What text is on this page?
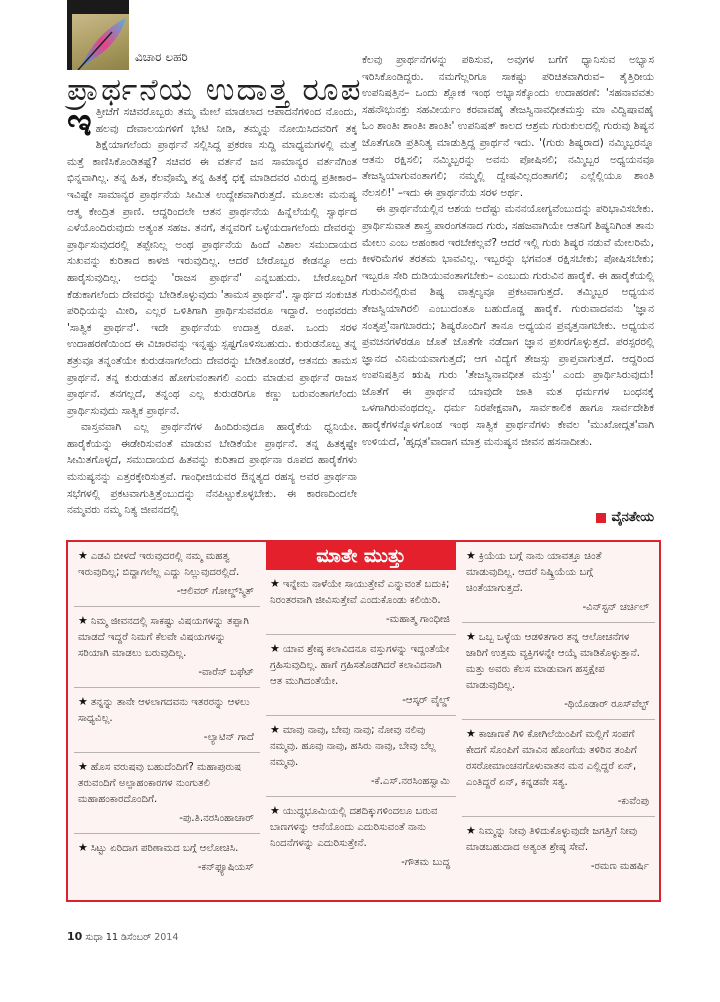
ವಿಚಾರ ಲಹರಿ
ಪ್ರಾರ್ಥನೆಯ ಉದಾತ್ತ ರೂಪ

ಇತ್ತೀಚೆಗೆ ಸಚಿವರೊಬ್ಬರು ತಮ್ಮ ಮೇಲೆ ಮಾಡಲಾದ ಆಪಾದನೆಗಳಿಂದ ನೊಂದು, ಹಲವು ದೇವಾಲಯಗಳಿಗೆ ಭೇಟಿ ನೀಡಿ, ತಮ್ಮನ್ನು ನೋಯಿಸಿದವರಿಗೆ ತಕ್ಕ ಶಿಕ್ಷೆಯಾಗಲೆಂದು ಪ್ರಾರ್ಥನೆ ಸಲ್ಲಿಸಿದ್ದ ಪ್ರಕರಣ ಸುದ್ದಿ ಮಾಧ್ಯಮಗಳಲ್ಲಿ ಮತ್ತೆ ಮತ್ತೆ ಕಾಣಿಸಿಕೊಂಡಿತಷ್ಟೆ? ಸಚಿವರ ಈ ವರ್ತನೆ ಜನ ಸಾಮಾನ್ಯರ ವರ್ತನೆಗಿಂತ ಭಿನ್ನವಾಗಿಲ್ಲ. ತನ್ನ ಹಿತ, ಕೆಲವೊಮ್ಮೆ ತನ್ನ ಹಿತಕ್ಕೆ ಧಕ್ಕೆ ಮಾಡಿದವರ ವಿರುದ್ಧ ಪ್ರತೀಕಾರ– ಇವಿಷ್ಟೇ ಸಾಮಾನ್ಯರ ಪ್ರಾರ್ಥನೆಯ ಸೀಮಿತ ಉದ್ದೇಶವಾಗಿರುತ್ತದೆ. ಮೂಲತಃ ಮನುಷ್ಯ ಆತ್ಮ ಕೇಂದ್ರಿತ ಪ್ರಾಣಿ. ಆದ್ದರಿಂದಲೇ ಆತನ ಪ್ರಾರ್ಥನೆಯ ಹಿನ್ನೆಲೆಯಲ್ಲಿ ಸ್ವಾರ್ಥದ ಎಳೆಯೊಂದಿರುವುದು ಅತ್ಯಂತ ಸಹಜ. ತನಗೆ, ತನ್ನವರಿಗೆ ಒಳ್ಳೆಯದಾಗಲೆಂದು ದೇವರನ್ನು ಪ್ರಾರ್ಥಿಸುವುದರಲ್ಲಿ ತಪ್ಪೇನಿಲ್ಲ ಅಂಥ ಪ್ರಾರ್ಥನೆಯ ಹಿಂದೆ ವಿಶಾಲ ಸಮುದಾಯದ ಸುಖವನ್ನು ಕುರಿತಾದ ಕಾಳಜಿ ಇರುವುದಿಲ್ಲ. ಆದರೆ ಬೇರೊಬ್ಬರ ಕೇಡನ್ನೂ ಅದು ಹಾರೈಸುವುದಿಲ್ಲ. ಅದನ್ನು 'ರಾಜಸ ಪ್ರಾರ್ಥನೆ' ಎನ್ನಬಹುದು. ಬೇರೊಬ್ಬರಿಗೆ ಕೆಡುಕಾಗಲೆಂದು ದೇವರನ್ನು ಬೇಡಿಕೊಳ್ಳುವುದು 'ತಾಮಸ ಪ್ರಾರ್ಥನೆ'. ಸ್ವಾರ್ಥದ ಸಂಕುಚಿತ ಪರಿಧಿಯನ್ನು ಮೀರಿ, ಎಲ್ಲರ ಒಳಿತಿಗಾಗಿ ಪ್ರಾರ್ಥಿಸುವವರೂ ಇದ್ದಾರೆ. ಅಂಥವರದು 'ಸಾತ್ವಿಕ ಪ್ರಾರ್ಥನೆ'. ಇದೇ ಪ್ರಾರ್ಥನೆಯ ಉದಾತ್ತ ರೂಪ. ಒಂದು ಸರಳ ಉದಾಹರಣೆಯಿಂದ ಈ ವಿಚಾರವನ್ನು ಇನ್ನಷ್ಟು ಸ್ಪಷ್ಟಗೊಳಿಸಬಹುದು. ಕುರುಡನೊಬ್ಬ ತನ್ನ ಶತ್ರುವೂ ತನ್ನಂತೆಯೇ ಕುರುಡನಾಗಲೆಂದು ದೇವರನ್ನು ಬೇಡಿಕೊಂಡರೆ, ಆತನದು ತಾಮಸ ಪ್ರಾರ್ಥನೆ. ತನ್ನ ಕುರುಡುತನ ಹೋಗುವಂತಾಗಲಿ ಎಂದು ಮಾಡುವ ಪ್ರಾರ್ಥನೆ ರಾಜಸ ಪ್ರಾರ್ಥನೆ. ತನಗಲ್ಲದೆ, ತನ್ನಂಥ ಎಲ್ಲ ಕುರುಡರಿಗೂ ಕಣ್ಣು ಬರುವಂತಾಗಲೆಂದು ಪ್ರಾರ್ಥಿಸುವುದು ಸಾತ್ವಿಕ ಪ್ರಾರ್ಥನೆ.

ವಾಸ್ತವವಾಗಿ ಎಲ್ಲ ಪ್ರಾರ್ಥನೆಗಳ ಹಿಂದಿರುವುದೂ ಹಾರೈಕೆಯ ಧ್ವನಿಯೇ. ಹಾರೈಕೆಯನ್ನು ಈಡೇರಿಸುವಂತೆ ಮಾಡುವ ಬೇಡಿಕೆಯೇ ಪ್ರಾರ್ಥನೆ. ತನ್ನ ಹಿತಕ್ಕಷ್ಟೇ ಸೀಮಿತಗೊಳ್ಳದೆ, ಸಮುದಾಯದ ಹಿತವನ್ನು ಕುರಿತಾದ ಪ್ರಾರ್ಥನಾ ರೂಪದ ಹಾರೈಕೆಗಳು ಮನುಷ್ಯನನ್ನು ಎತ್ತರಕ್ಕೇರಿಸುತ್ತವೆ. ಗಾಂಧೀಜಿಯವರ ಔನ್ನತ್ಯದ ರಹಸ್ಯ ಅವರ ಪ್ರಾರ್ಥನಾ ಸಭೆಗಳಲ್ಲಿ ಪ್ರಕಟವಾಗುತ್ತಿತ್ತೆಂಬುದನ್ನು ನೆನಪಿಟ್ಟುಕೊಳ್ಳಬೇಕು. ಈ ಕಾರಣದಿಂದಲೇ ನಮ್ಮವರು ನಮ್ಮ ನಿತ್ಯ ಜೀವನದಲ್ಲಿ

ಕೆಲವು ಪ್ರಾರ್ಥನೆಗಳನ್ನು ಪಠಿಸುವ, ಅವುಗಳ ಬಗೆಗೆ ಧ್ಯಾನಿಸುವ ಅಭ್ಯಾಸ ಇರಿಸಿಕೊಂಡಿದ್ದರು. ನಮಗೆಲ್ಲರಿಗೂ ಸಾಕಷ್ಟು ಪರಿಚಿತವಾಗಿರುವ– ತೈತ್ತಿರೀಯ ಉಪನಿಷತ್ತಿನ– ಒಂದು ಶ್ಲೋಕ ಇಂಥ ಅಭ್ಯಾಸಕ್ಕೊಂದು ಉದಾಹರಣೆ: 'ಸಹನಾವವತು ಸಹನೌಭುನಕ್ತು ಸಹವೀರ್ಯಂ ಕರವಾವಹೈ ತೇಜಸ್ವಿನಾವಧೀತಮಸ್ತು ಮಾ ವಿದ್ವಿಷಾವಹೈ ಓಂ ಶಾಂತಿಃ ಶಾಂತಿಃ ಶಾಂತಿಃ' ಉಪನಿಷತ್ ಕಾಲದ ಆಶ್ರಮ ಗುರುಕುಲದಲ್ಲಿ ಗುರುವು ಶಿಷ್ಯನ ಜೊತೆಗೂಡಿ ಪ್ರತಿನಿತ್ಯ ಮಾಡುತ್ತಿದ್ದ ಪ್ರಾರ್ಥನೆ ಇದು. '(ಗುರು ಶಿಷ್ಯರಾದ) ನಮ್ಮಿಬ್ಬರನ್ನೂ ಆತನು ರಕ್ಷಿಸಲಿ; ನಮ್ಮಿಬ್ಬರನ್ನು ಅವನು ಪೋಷಿಸಲಿ; ನಮ್ಮಿಬ್ಬರ ಅಧ್ಯಯನವೂ ತೇಜಸ್ವಿಯಾಗುವಂತಾಗಲಿ; ನಮ್ಮಲ್ಲಿ ದ್ವೇಷವಿಲ್ಲದಂತಾಗಲಿ; ಎಲ್ಲೆಲ್ಲಿಯೂ ಶಾಂತಿ ನೆಲಸಲಿ!' –ಇದು ಈ ಪ್ರಾರ್ಥನೆಯ ಸರಳ ಅರ್ಥ.

ಈ ಪ್ರಾರ್ಥನೆಯಲ್ಲಿನ ಆಶಯ ಅದೆಷ್ಟು ಮನನಯೋಗ್ಯವೆಂಬುದನ್ನು ಪರಿಭಾವಿಸಬೇಕು. ಪ್ರಾರ್ಥಿಸುವಾತ ಶಾಸ್ತ್ರ ಪಾರಂಗತನಾದ ಗುರು, ಸಹಜವಾಗಿಯೇ ಆತನಿಗೆ ಶಿಷ್ಯನಿಗಿಂತ ತಾನು ಮೇಲು ಎಂಬ ಅಹಂಕಾರ ಇರಬೇಕಲ್ಲವೆ? ಆದರೆ ಇಲ್ಲಿ ಗುರು ಶಿಷ್ಯರ ನಡುವೆ ಮೇಲರಿಮೆ, ಕೀಳರಿಮೆಗಳ ತರತಮ ಭಾವವಿಲ್ಲ. ಇಬ್ಬರನ್ನು ಭಗವಂತ ರಕ್ಷಿಸಬೇಕು; ಪೋಷಿಸಬೇಕು; ಇಬ್ಬರೂ ಸೇರಿ ದುಡಿಯುವಂತಾಗಬೇಕು– ಎಂಬುದು ಗುರುವಿನ ಹಾರೈಕೆ. ಈ ಹಾರೈಕೆಯಲ್ಲಿ ಗುರುವಿನಲ್ಲಿರುವ ಶಿಷ್ಯ ವಾತ್ಸಲ್ಯವೂ ಪ್ರಕಟವಾಗುತ್ತದೆ. ತಮ್ಮಿಬ್ಬರ ಅಧ್ಯಯನ ತೇಜಸ್ವಿಯಾಗಿರಲಿ ಎಂಬುದಂತೂ ಬಹುದೊಡ್ಡ ಹಾರೈಕೆ. ಗುರುವಾದವನು 'ಜ್ಞಾನ ಸಂತೃಪ್ತ'ನಾಗಬಾರದು; ಶಿಷ್ಯರೊಂದಿಗೆ ತಾನೂ ಅಧ್ಯಯನ ಪ್ರವೃತ್ತನಾಗಬೇಕು. ಅಧ್ಯಯನ ಪ್ರವಚನಗಳೆರಡೂ ಜೊತೆ ಜೊತೆಗೇ ನಡೆದಾಗ ಜ್ಞಾನ ಪ್ರಖರಗೊಳ್ಳುತ್ತದೆ. ಪರಸ್ಪರರಲ್ಲಿ ಜ್ಞಾನದ ವಿನಿಮಯವಾಗುತ್ತದೆ; ಆಗ ವಿದ್ಯೆಗೆ ತೇಜಸ್ಸು ಪ್ರಾಪ್ತವಾಗುತ್ತದೆ. ಆದ್ದರಿಂದ ಉಪನಿಷತ್ತಿನ ಋಷಿ ಗುರು 'ತೇಜಸ್ವಿನಾವಧೀತ ಮಸ್ತು' ಎಂದು ಪ್ರಾರ್ಥಿಸಿರುವುದು! ಜೊತೆಗೆ ಈ ಪ್ರಾರ್ಥನೆ ಯಾವುದೇ ಜಾತಿ ಮತ ಧರ್ಮಗಳ ಬಂಧನಕ್ಕೆ ಒಳಗಾಗಿರುವಂಥದಲ್ಲ. ಧರ್ಮ ನಿರಪೇಕ್ಷವಾಗಿ, ಸಾರ್ವಕಾಲಿಕ ಹಾಗೂ ಸಾರ್ವದೇಶಿಕ ಹಾರೈಕೆಗಳನ್ನೊಳಗೊಂಡ ಇಂಥ ಸಾತ್ವಿಕ ಪ್ರಾರ್ಥನೆಗಳು ಕೇವಲ 'ಮುಖೋದ್ಗತ'ವಾಗಿ ಉಳಿಯದೆ, 'ಹೃದ್ಗತ'ವಾದಾಗ ಮಾತ್ರ ಮನುಷ್ಯನ ಜೀವನ ಹಸನಾದೀತು.

ವೈನತೇಯ
★ ಎಡವಿ ಬೀಳದೆ ಇರುವುದರಲ್ಲಿ ನಮ್ಮ ಮಹತ್ವ ಇರುವುದಿಲ್ಲ; ಬಿದ್ದಾಗಲೆಲ್ಲ ಎದ್ದು ನಿಲ್ಲುವುದರಲ್ಲಿದೆ.
-ಆಲಿವರ್ ಗೋಲ್ಡ್‌ಸ್ಮಿತ್
★ ನಿಮ್ಮ ಜೀವನದಲ್ಲಿ ಸಾಕಷ್ಟು ವಿಷಯಗಳನ್ನು ತಪ್ಪಾಗಿ ಮಾಡದೆ ಇದ್ದರೆ ನಿಮಗೆ ಕೆಲವೇ ವಿಷಯಗಳನ್ನು ಸರಿಯಾಗಿ ಮಾಡಲು ಬರುವುದಿಲ್ಲ.
-ವಾರೆನ್ ಬಫೆಟ್
★ ತನ್ನನ್ನು ತಾನೇ ಆಳಲಾಗದವನು ಇತರರನ್ನು ಆಳಲು ಸಾಧ್ಯವಿಲ್ಲ.
-ಲ್ಯಾಟಿನ್ ಗಾದೆ
★ ಹೊಸ ವರುಷವು ಬಹುದೆಂದಿಗೆ? ಮಹಾಪುರುಷ ತರುವಂದಿಗೆ ಅಲ್ಪಾಹಂಕಾರಗಳ ನುಂಗುತಲಿ ಮಹಾಹಂಕಾರದೊಂದಿಗೆ.
-ಪು.ತಿ.ನರಸಿಂಹಾಚಾರ್
★ ಸಿಟ್ಟು ಏರಿದಾಗ ಪರಿಣಾಮದ ಬಗ್ಗೆ ಆಲೋಚಿಸಿ.
-ಕನ್‌ಫ್ಯೂಷಿಯಸ್
ಮಾತೇ ಮುತ್ತು
★ ಇನ್ನೇನು ನಾಳೆಯೇ ಸಾಯುತ್ತೇವೆ ಎನ್ನುವಂತೆ ಬದುಕಿ; ನಿರಂತರವಾಗಿ ಜೀವಿಸುತ್ತೇವೆ ಎಂದುಕೊಂಡು ಕಲಿಯಿರಿ.
-ಮಹಾತ್ಮ ಗಾಂಧೀಜಿ
★ ಯಾವ ಶ್ರೇಷ್ಠ ಕಲಾವಿದನೂ ವಸ್ತುಗಳನ್ನು ಇದ್ದಂತೆಯೇ ಗ್ರಹಿಸುವುದಿಲ್ಲ. ಹಾಗೆ ಗ್ರಹಿಸತೊಡಗಿದರೆ ಕಲಾವಿದನಾಗಿ ಆತ ಮುಗಿದಂತೆಯೇ.
-ಆಸ್ಕರ್ ವೈಲ್ಡ್
★ ಮಾವು ನಾವು, ಬೇವು ನಾವು; ನೋವು ನಲಿವು ನಮ್ಮವು. ಹೂವು ನಾವು, ಹಸಿರು ನಾವು, ಬೇವು ಬೆಲ್ಲ ನಮ್ಮವು.
-ಕೆ.ಎಸ್.ನರಸಿಂಹಸ್ವಾಮಿ
★ ಯುದ್ಧಭೂಮಿಯಲ್ಲಿ ದಶದಿಕ್ಕುಗಳಿಂದಲೂ ಬರುವ ಬಾಣಗಳನ್ನು ಆನೆಯೊಂದು ಎದುರಿಸುವಂತೆ ನಾನು ನಿಂದನೆಗಳನ್ನು ಎದುರಿಸುತ್ತೇನೆ.
-ಗೌತಮ ಬುದ್ಧ
★ ಕ್ರಿಯೆಯ ಬಗ್ಗೆ ನಾನು ಯಾವತ್ತೂ ಚಿಂತೆ ಮಾಡುವುದಿಲ್ಲ. ಆದರೆ ನಿಷ್ಕ್ರಿಯೆಯ ಬಗ್ಗೆ ಚಿಂತೆಯಾಗುತ್ತದೆ.
-ವಿನ್‌ಸ್ಟನ್ ಚರ್ಚಿಲ್
★ ಒಬ್ಬ ಒಳ್ಳೆಯ ಆಡಳಿತಗಾರ ತನ್ನ ಆಲೋಚನೆಗಳ ಜಾರಿಗೆ ಉತ್ತಮ ವ್ಯಕ್ತಿಗಳನ್ನೇ ಆಯ್ಕೆ ಮಾಡಿಕೊಳ್ಳುತ್ತಾನೆ. ಮತ್ತು ಅವರು ಕೆಲಸ ಮಾಡುವಾಗ ಹಸ್ತಕ್ಷೇಪ ಮಾಡುವುದಿಲ್ಲ.
-ಥಿಯೊಡಾರ್ ರೂಸ್‌ವೆಲ್ಟ್
★ ಕಾಜಾಣಕೆ ಗಿಳಿ ಕೋಗಿಲೆಯಿಂಪಿಗೆ ಮಲ್ಲಿಗೆ ಸಂಪಗೆ ಕೇದಗೆ ಸೊಂಪಿಗೆ ಮಾವಿನ ಹೊಂಗೆಯ ತಳಿರಿನ ತಂಪಿಗೆ ರಸರೋಮಾಂಚನಗೊಳುವಾತನ ಮನ ಎಲ್ಲಿದ್ದರೆ ಏನ್, ಎಂತಿದ್ದರೆ ಏನ್, ಕನ್ನಡವೇ ಸತ್ಯ.
-ಕುವೆಂಪು
★ ನಿಮ್ಮನ್ನು ನೀವು ತಿಳಿದುಕೊಳ್ಳುವುದೇ ಜಗತ್ತಿಗೆ ನೀವು ಮಾಡಬಹುದಾದ ಅತ್ಯಂತ ಶ್ರೇಷ್ಠ ಸೇವೆ.
-ರಮಣ ಮಹರ್ಷಿ
10 ಸುಧಾ 11 ಡಿಸೆಂಬರ್ 2014
